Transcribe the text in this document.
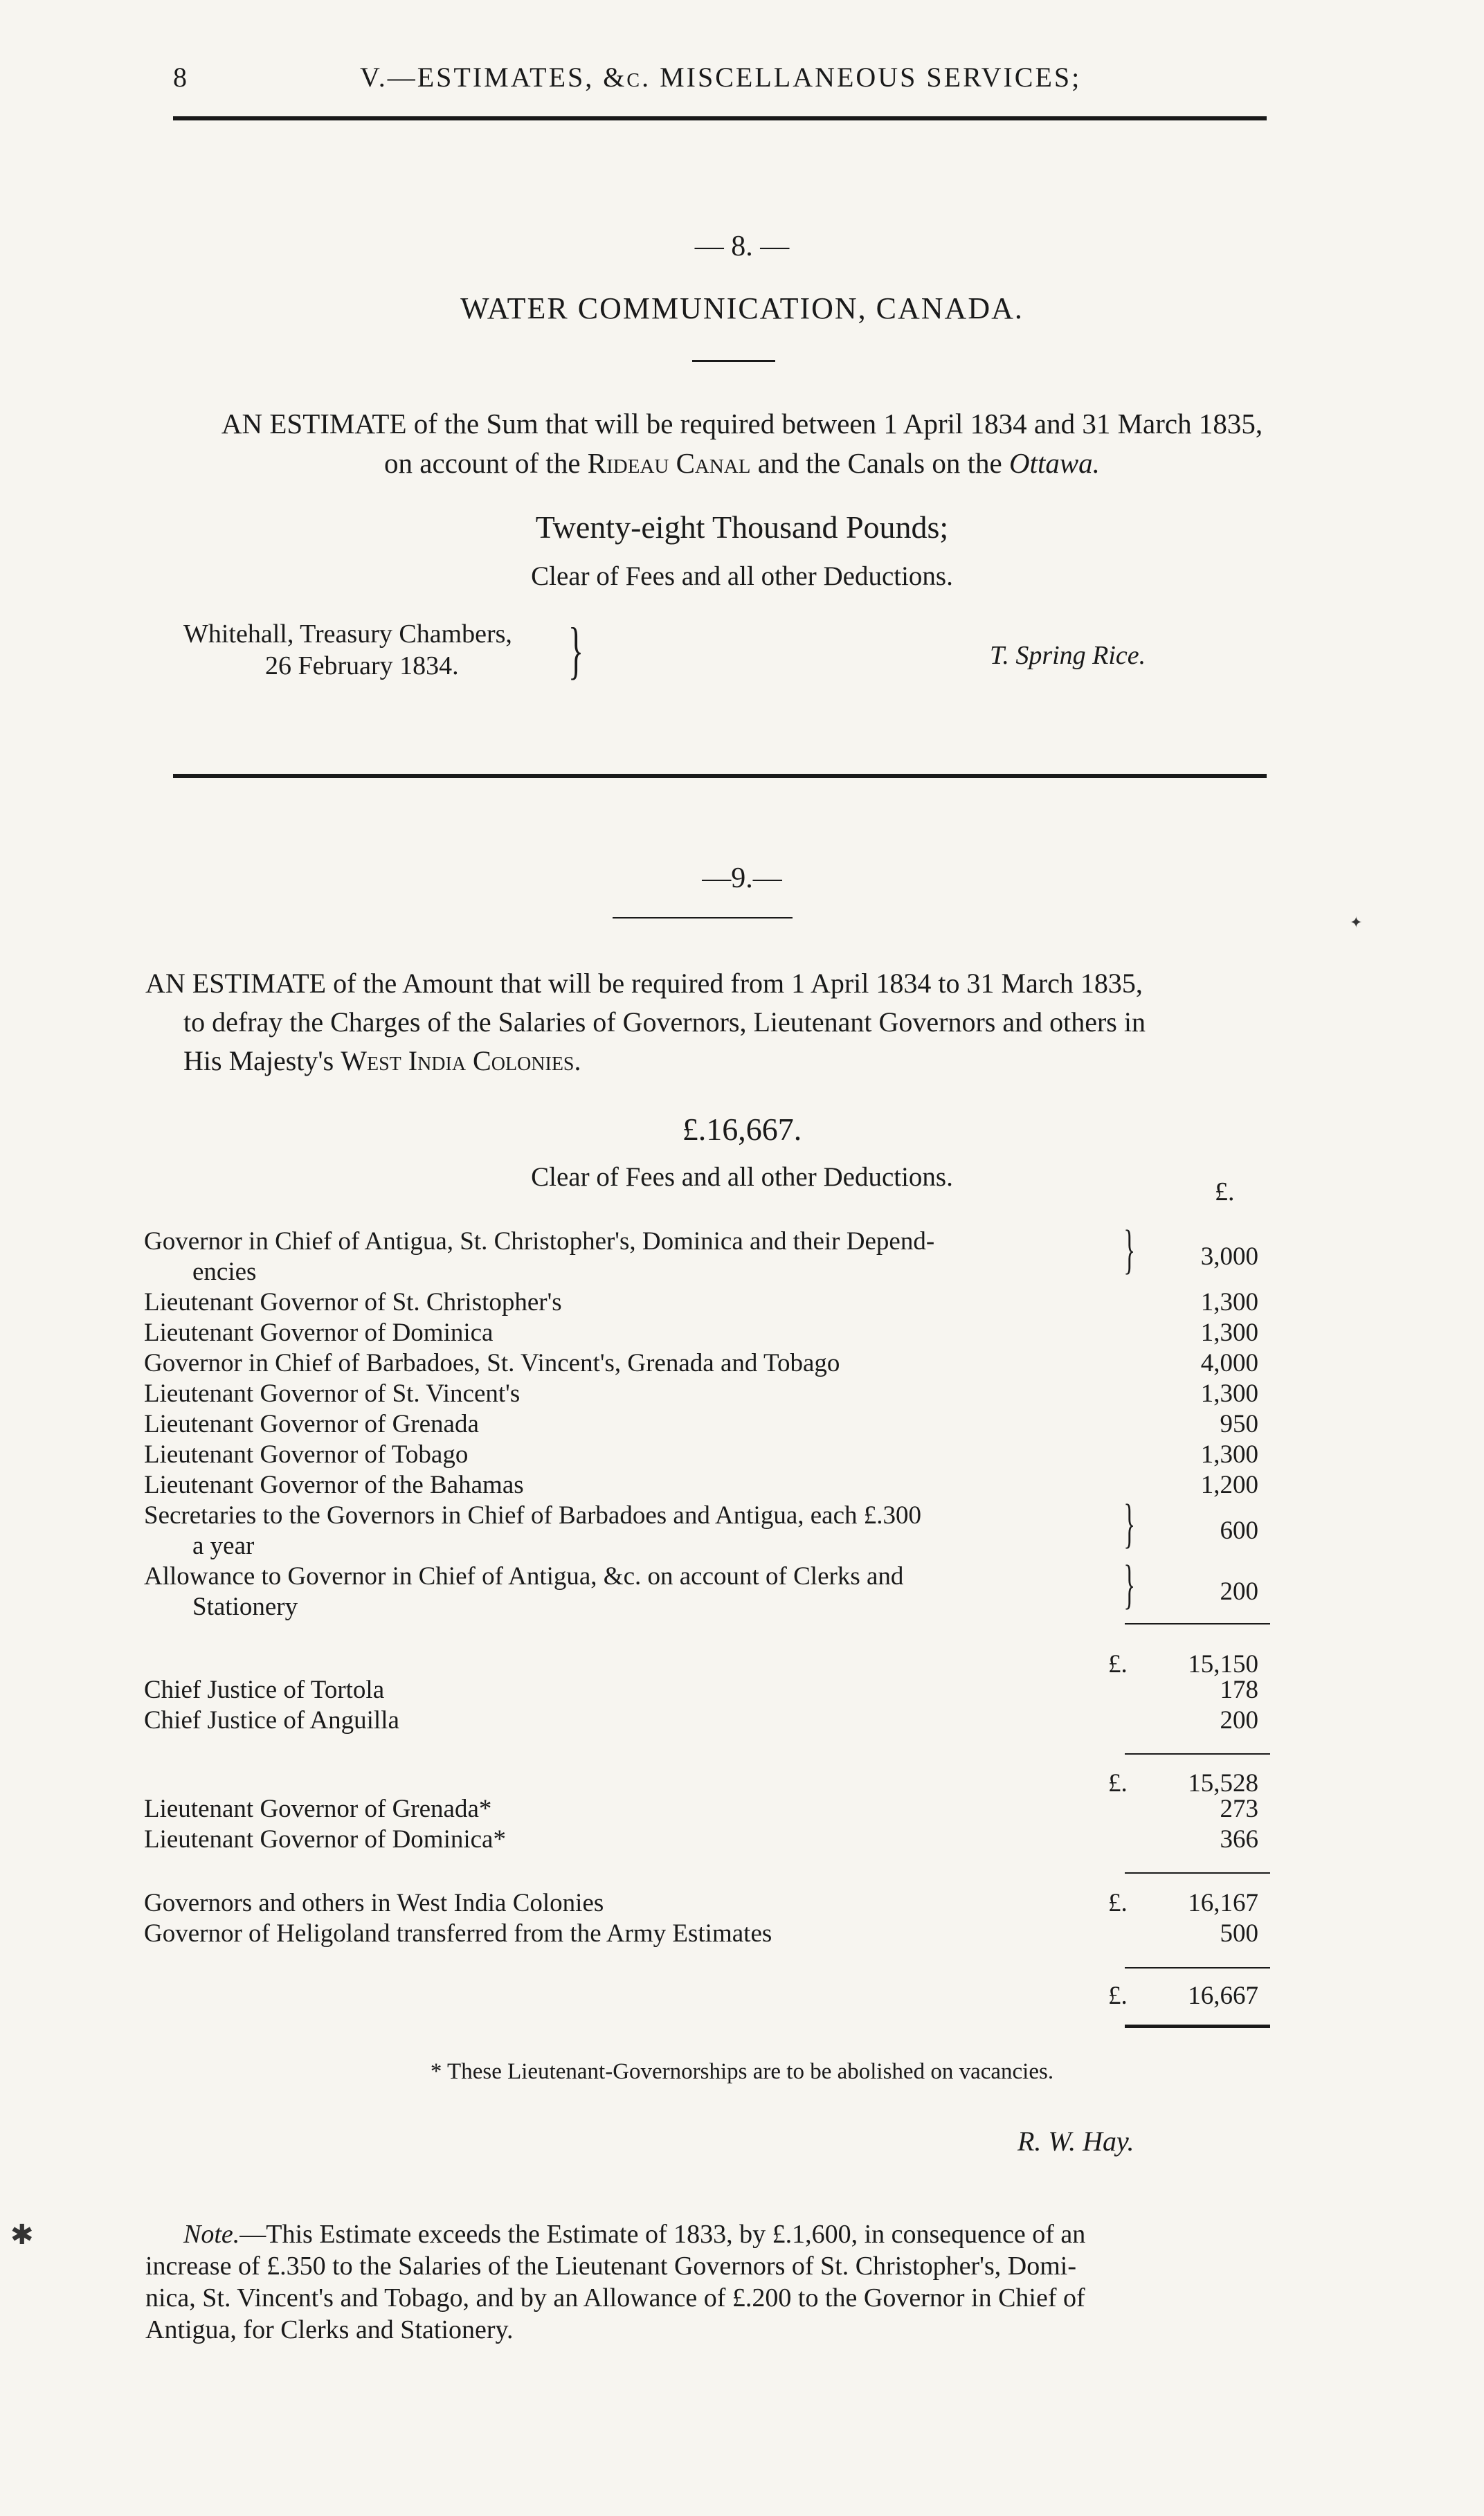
8	V.—ESTIMATES, &c. MISCELLANEOUS SERVICES;
— 8. —
WATER COMMUNICATION, CANADA.
AN ESTIMATE of the Sum that will be required between 1 April 1834 and 31 March 1835,
on account of the Rideau Canal and the Canals on the Ottawa.
Twenty-eight Thousand Pounds;
Clear of Fees and all other Deductions.
Whitehall, Treasury Chambers,
26 February 1834.	}	T. Spring Rice.
—9.—
AN ESTIMATE of the Amount that will be required from 1 April 1834 to 31 March 1835,
to defray the Charges of the Salaries of Governors, Lieutenant Governors and others in
His Majesty's West India Colonies.
£.16,667.
Clear of Fees and all other Deductions.	£.
Governor in Chief of Antigua, St. Christopher's, Dominica and their Depend-
encies	}	3,000
Lieutenant Governor of St. Christopher's	1,300
Lieutenant Governor of Dominica	1,300
Governor in Chief of Barbadoes, St. Vincent's, Grenada and Tobago	4,000
Lieutenant Governor of St. Vincent's	1,300
Lieutenant Governor of Grenada	950
Lieutenant Governor of Tobago	1,300
Lieutenant Governor of the Bahamas	1,200
Secretaries to the Governors in Chief of Barbadoes and Antigua, each £.300
a year	}	600
Allowance to Governor in Chief of Antigua, &c. on account of Clerks and
Stationery	}	200
£.	15,150
Chief Justice of Tortola	178
Chief Justice of Anguilla	200
£.	15,528
Lieutenant Governor of Grenada*	273
Lieutenant Governor of Dominica*	366
Governors and others in West India Colonies	£.	16,167
Governor of Heligoland transferred from the Army Estimates	500
£.	16,667
* These Lieutenant-Governorships are to be abolished on vacancies.
R. W. Hay.
Note.—This Estimate exceeds the Estimate of 1833, by £.1,600, in consequence of an
increase of £.350 to the Salaries of the Lieutenant Governors of St. Christopher's, Domi-
nica, St. Vincent's and Tobago, and by an Allowance of £.200 to the Governor in Chief of
Antigua, for Clerks and Stationery.
✱
✦
